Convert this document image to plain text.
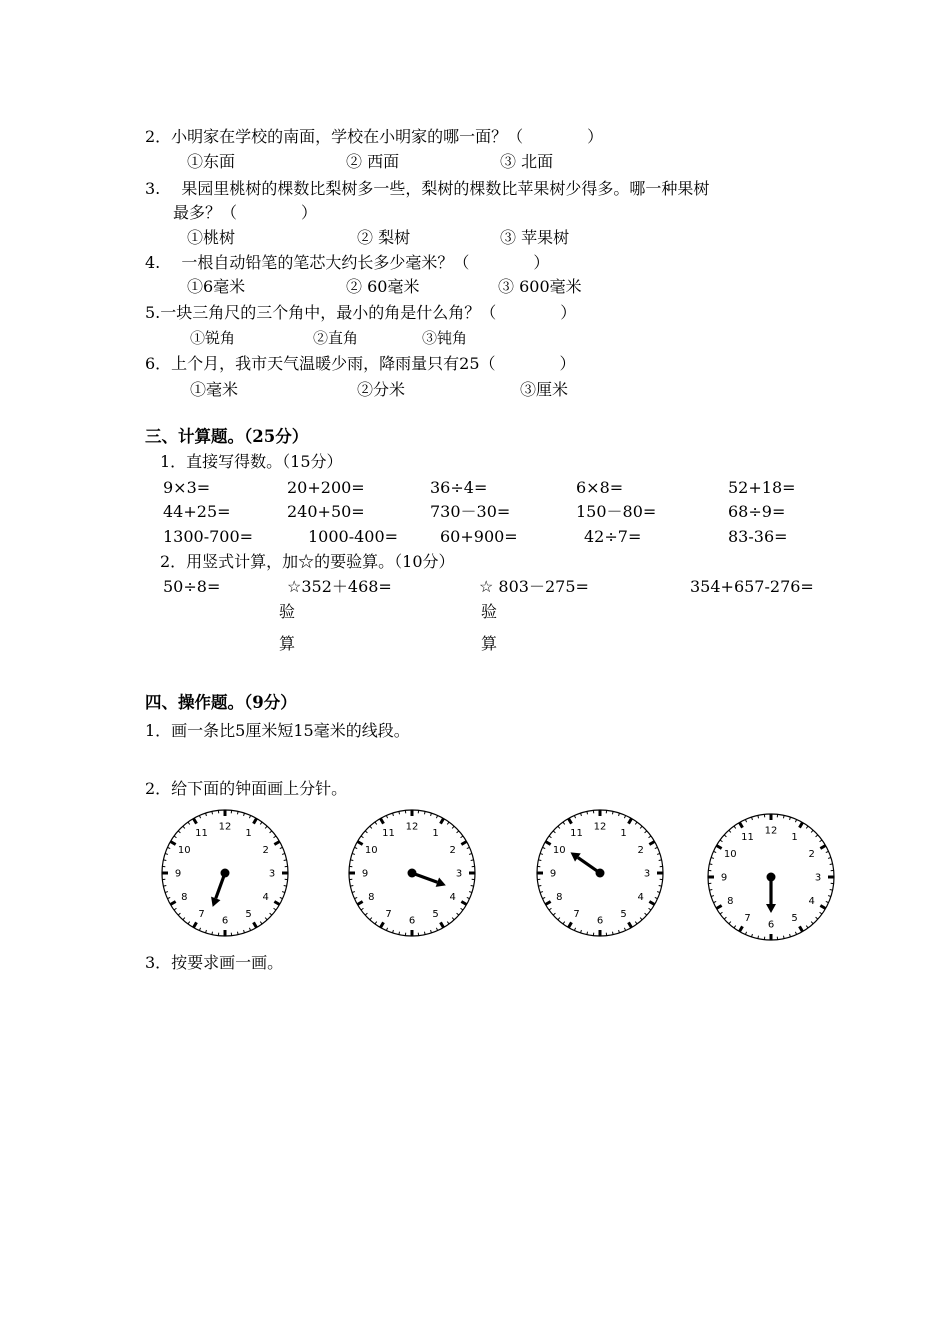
2．小明家在学校的南面，学校在小明家的哪一面？（　　　　）
①东面	② 西面	③ 北面
3.　 果园里桃树的棵数比梨树多一些，梨树的棵数比苹果树少得多。哪一种果树
最多？（　　　　）
①桃树	② 梨树	③ 苹果树
4.　 一根自动铅笔的笔芯大约长多少毫米？（　　　　）
①6毫米	② 60毫米	③ 600毫米
5.一块三角尺的三个角中，最小的角是什么角？（　　　　）
①锐角	②直角	③钝角
6．上个月，我市天气温暖少雨，降雨量只有25（　　　　）
①毫米	②分米	③厘米
三、计算题。（25分）
1．直接写得数。（15分）
9×3=	20+200=	36÷4=	6×8=	52+18=
44+25=	240+50=	730－30=	150－80=	68÷9=
1300-700=	1000-400=	60+900=	42÷7=	83-36=
2．用竖式计算，加☆的要验算。（10分）
50÷8=	☆352＋468=	☆ 803－275=	354+657-276=
验
算
验
算
四、操作题。（9分）
1．画一条比5厘米短15毫米的线段。
2．给下面的钟面画上分针。
1
2
3
4
5
6
7
8
9
10
11
12
1
2
3
4
5
6
7
8
9
10
11
12
1
2
3
4
5
6
7
8
9
10
11
12
1
2
3
4
5
6
7
8
9
10
11
12
3．按要求画一画。
